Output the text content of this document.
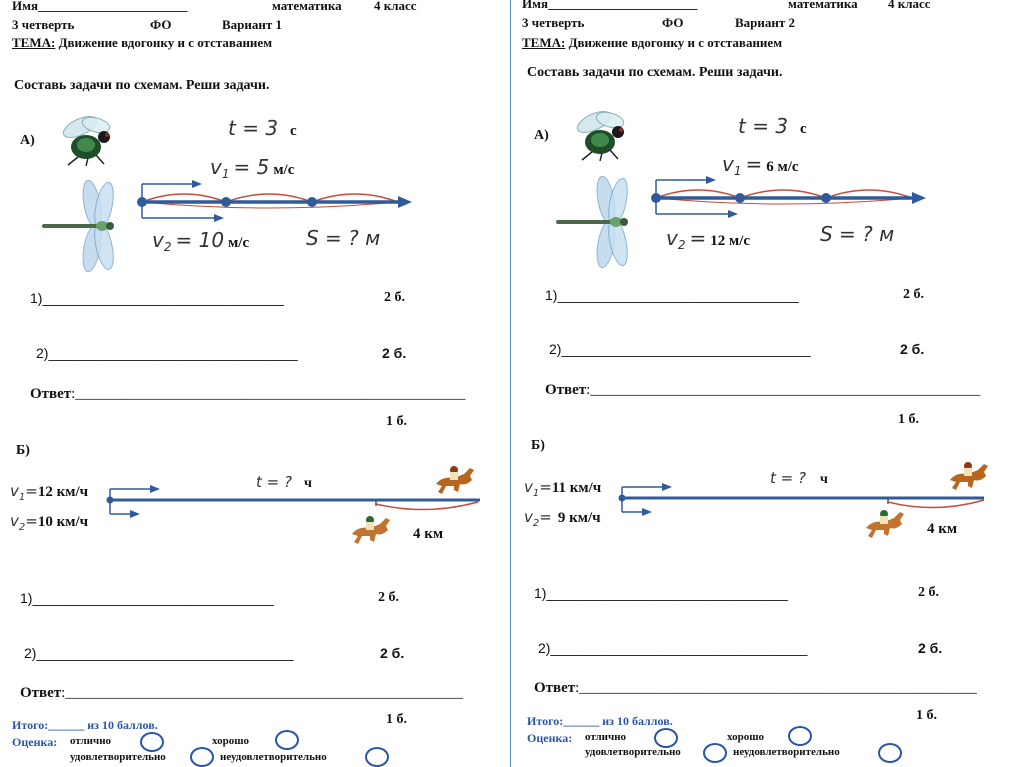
Имя_______________________	математика 4 класс
3 четверть	ФО	Вариант 1
ТЕМА: Движение вдогонку и с отставанием
Составь задачи по схемам. Реши задачи.
А)
t = 3 с
$v_1 = 5$ м/с
$v_2 = 10$ м/с	S = ? м
1)_______________________________	2 б.
2)________________________________	2 б.
Ответ:____________________________________________________
1 б.
Б)
$v_1=12$ км/ч
$v_2=10$ км/ч
t = ? ч
4 км
1)_______________________________	2 б.
2)_________________________________	2 б.
Ответ:_____________________________________________________
1 б.
Итого:______ из 10 баллов.
Оценка: отлично	хорошо
удовлетворительно	неудовлетворительно
Имя_______________________	математика 4 класс
3 четверть	ФО	Вариант 2
ТЕМА: Движение вдогонку и с отставанием
Составь задачи по схемам. Реши задачи.
А)	t = 3 с
$v_1 = 6$ м/с
$v_2 = 12$ м/с	S = ? м
1)_______________________________	2 б.
2)________________________________	2 б.
Ответ:____________________________________________________
1 б.
Б)
$v_1=11$ км/ч
$v_2= 9$ км/ч
t = ? ч
4 км
1)_______________________________	2 б.
2)_________________________________	2 б.
Ответ:_____________________________________________________
1 б.
Итого:______ из 10 баллов.
Оценка: отлично	хорошо
удовлетворительно	неудовлетворительно
